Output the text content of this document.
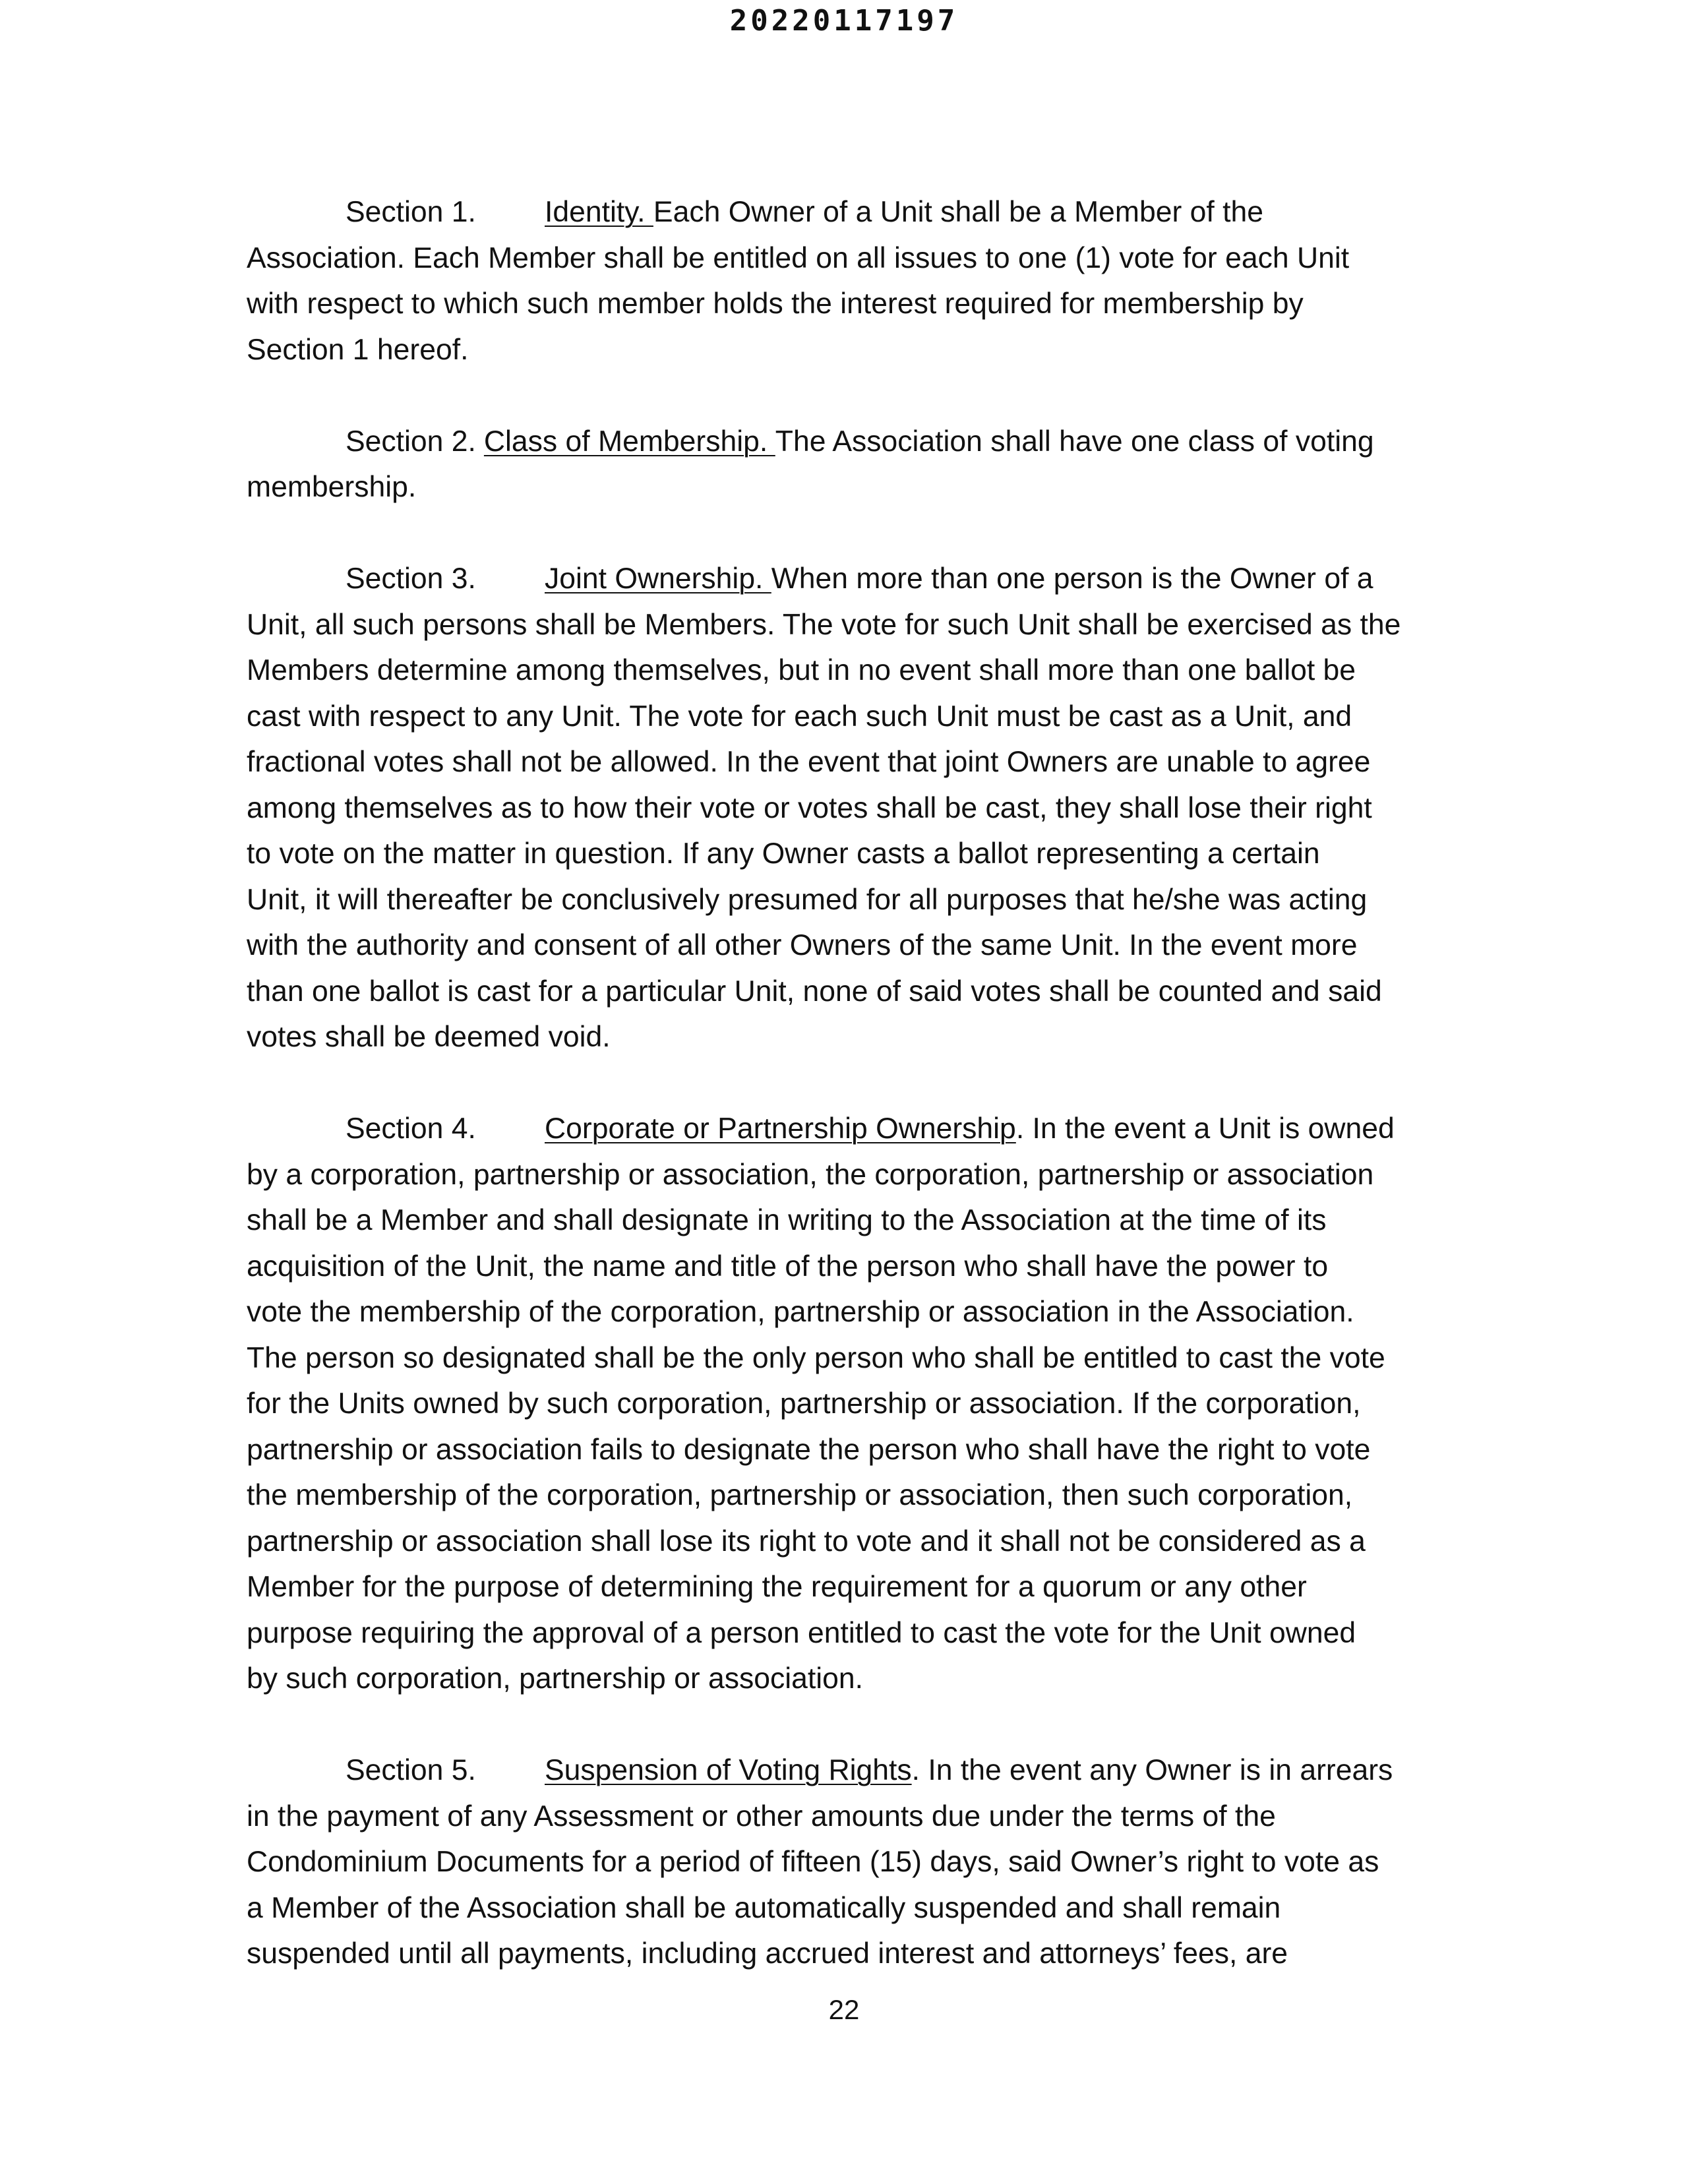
20220117197
Section 1. Identity. Each Owner of a Unit shall be a Member of the
Association. Each Member shall be entitled on all issues to one (1) vote for each Unit
with respect to which such member holds the interest required for membership by
Section 1 hereof.
Section 2. Class of Membership. The Association shall have one class of voting
membership.
Section 3. Joint Ownership. When more than one person is the Owner of a
Unit, all such persons shall be Members. The vote for such Unit shall be exercised as the
Members determine among themselves, but in no event shall more than one ballot be
cast with respect to any Unit. The vote for each such Unit must be cast as a Unit, and
fractional votes shall not be allowed. In the event that joint Owners are unable to agree
among themselves as to how their vote or votes shall be cast, they shall lose their right
to vote on the matter in question. If any Owner casts a ballot representing a certain
Unit, it will thereafter be conclusively presumed for all purposes that he/she was acting
with the authority and consent of all other Owners of the same Unit. In the event more
than one ballot is cast for a particular Unit, none of said votes shall be counted and said
votes shall be deemed void.
Section 4. Corporate or Partnership Ownership. In the event a Unit is owned
by a corporation, partnership or association, the corporation, partnership or association
shall be a Member and shall designate in writing to the Association at the time of its
acquisition of the Unit, the name and title of the person who shall have the power to
vote the membership of the corporation, partnership or association in the Association.
The person so designated shall be the only person who shall be entitled to cast the vote
for the Units owned by such corporation, partnership or association. If the corporation,
partnership or association fails to designate the person who shall have the right to vote
the membership of the corporation, partnership or association, then such corporation,
partnership or association shall lose its right to vote and it shall not be considered as a
Member for the purpose of determining the requirement for a quorum or any other
purpose requiring the approval of a person entitled to cast the vote for the Unit owned
by such corporation, partnership or association.
Section 5. Suspension of Voting Rights. In the event any Owner is in arrears
in the payment of any Assessment or other amounts due under the terms of the
Condominium Documents for a period of fifteen (15) days, said Owner’s right to vote as
a Member of the Association shall be automatically suspended and shall remain
suspended until all payments, including accrued interest and attorneys’ fees, are
22
